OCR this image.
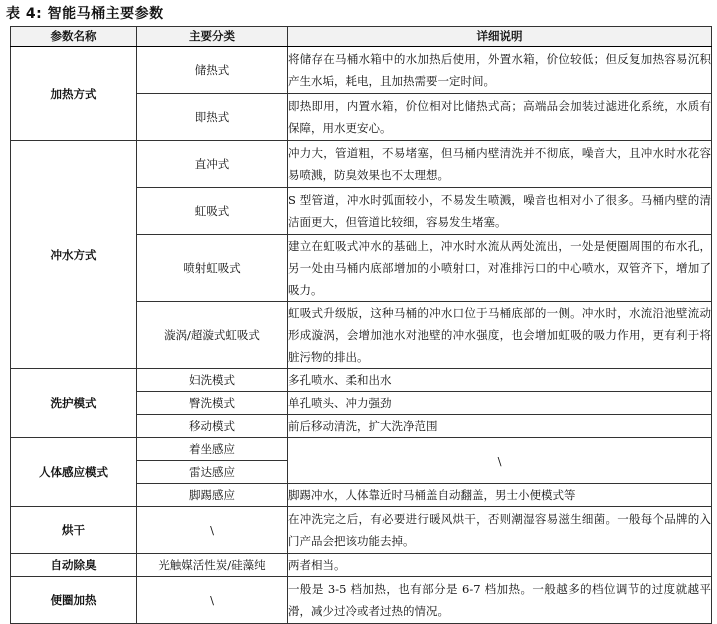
表 4: 智能马桶主要参数
参数名称	主要分类	详细说明
加热方式	储热式	将储存在马桶水箱中的水加热后使用，外置水箱，价位较低；但反复加热容易沉积产生水垢，耗电，且加热需要一定时间。
	即热式	即热即用，内置水箱，价位相对比储热式高；高端品会加装过滤进化系统，水质有保障，用水更安心。
冲水方式	直冲式	冲力大，管道粗，不易堵塞，但马桶内壁清洗并不彻底，噪音大，且冲水时水花容易喷溅，防臭效果也不太理想。
	虹吸式	S 型管道，冲水时弧面较小，不易发生喷溅，噪音也相对小了很多。马桶内壁的清洁面更大，但管道比较细，容易发生堵塞。
	喷射虹吸式	建立在虹吸式冲水的基础上，冲水时水流从两处流出，一处是便圈周围的布水孔，另一处由马桶内底部增加的小喷射口，对准排污口的中心喷水，双管齐下，增加了吸力。
	漩涡/超漩式虹吸式	虹吸式升级版，这种马桶的冲水口位于马桶底部的一侧。冲水时，水流沿池壁流动形成漩涡，会增加池水对池壁的冲水强度，也会增加虹吸的吸力作用，更有利于将脏污物的排出。
洗护模式	妇洗模式	多孔喷水、柔和出水
	臀洗模式	单孔喷头、冲力强劲
	移动模式	前后移动清洗，扩大洗净范围
人体感应模式	着坐感应	\
	雷达感应	
	脚踢感应	脚踢冲水，人体靠近时马桶盖自动翻盖，男士小便模式等
烘干	\	在冲洗完之后，有必要进行暖风烘干，否则潮湿容易滋生细菌。一般每个品牌的入门产品会把该功能去掉。
自动除臭	光触媒活性炭/硅藻纯	两者相当。
便圈加热	\	一般是 3-5 档加热，也有部分是 6-7 档加热。一般越多的档位调节的过度就越平滑，减少过冷或者过热的情况。
